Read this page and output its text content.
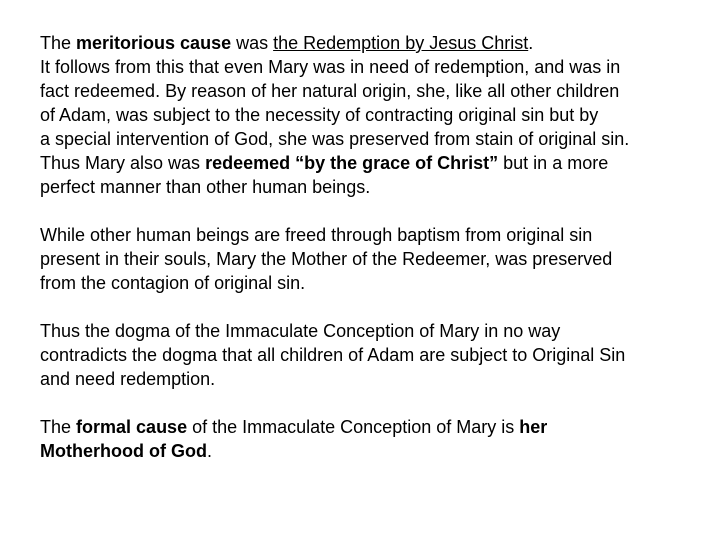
The meritorious cause was the Redemption by Jesus Christ.
It follows from this that even Mary was in need of redemption, and was in
fact redeemed. By reason of her natural origin, she, like all other children
of Adam, was subject to the necessity of contracting original sin but by
a special intervention of God, she was preserved from stain of original sin.
Thus Mary also was redeemed “by the grace of Christ” but in a more
perfect manner than other human beings.
While other human beings are freed through baptism from original sin
present in their souls, Mary the Mother of the Redeemer, was preserved
from the contagion of original sin.
Thus the dogma of the Immaculate Conception of Mary in no way
contradicts the dogma that all children of Adam are subject to Original Sin
and need redemption.
The formal cause of the Immaculate Conception of Mary is her
Motherhood of God.
